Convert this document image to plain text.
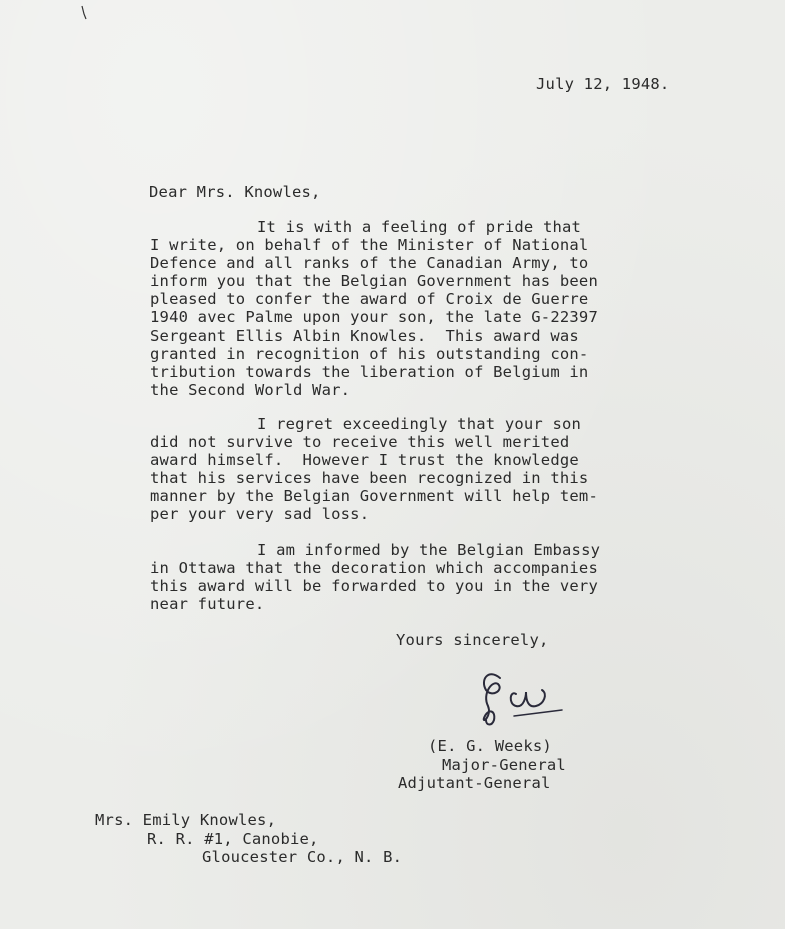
July 12, 1948.
Dear Mrs. Knowles,
It is with a feeling of pride that
I write, on behalf of the Minister of National
Defence and all ranks of the Canadian Army, to
inform you that the Belgian Government has been
pleased to confer the award of Croix de Guerre
1940 avec Palme upon your son, the late G-22397
Sergeant Ellis Albin Knowles.  This award was
granted in recognition of his outstanding con-
tribution towards the liberation of Belgium in
the Second World War.
I regret exceedingly that your son
did not survive to receive this well merited
award himself.  However I trust the knowledge
that his services have been recognized in this
manner by the Belgian Government will help tem-
per your very sad loss.
I am informed by the Belgian Embassy
in Ottawa that the decoration which accompanies
this award will be forwarded to you in the very
near future.
Yours sincerely,
(E. G. Weeks)
Major-General
Adjutant-General
Mrs. Emily Knowles,
R. R. #1, Canobie,
Gloucester Co., N. B.
